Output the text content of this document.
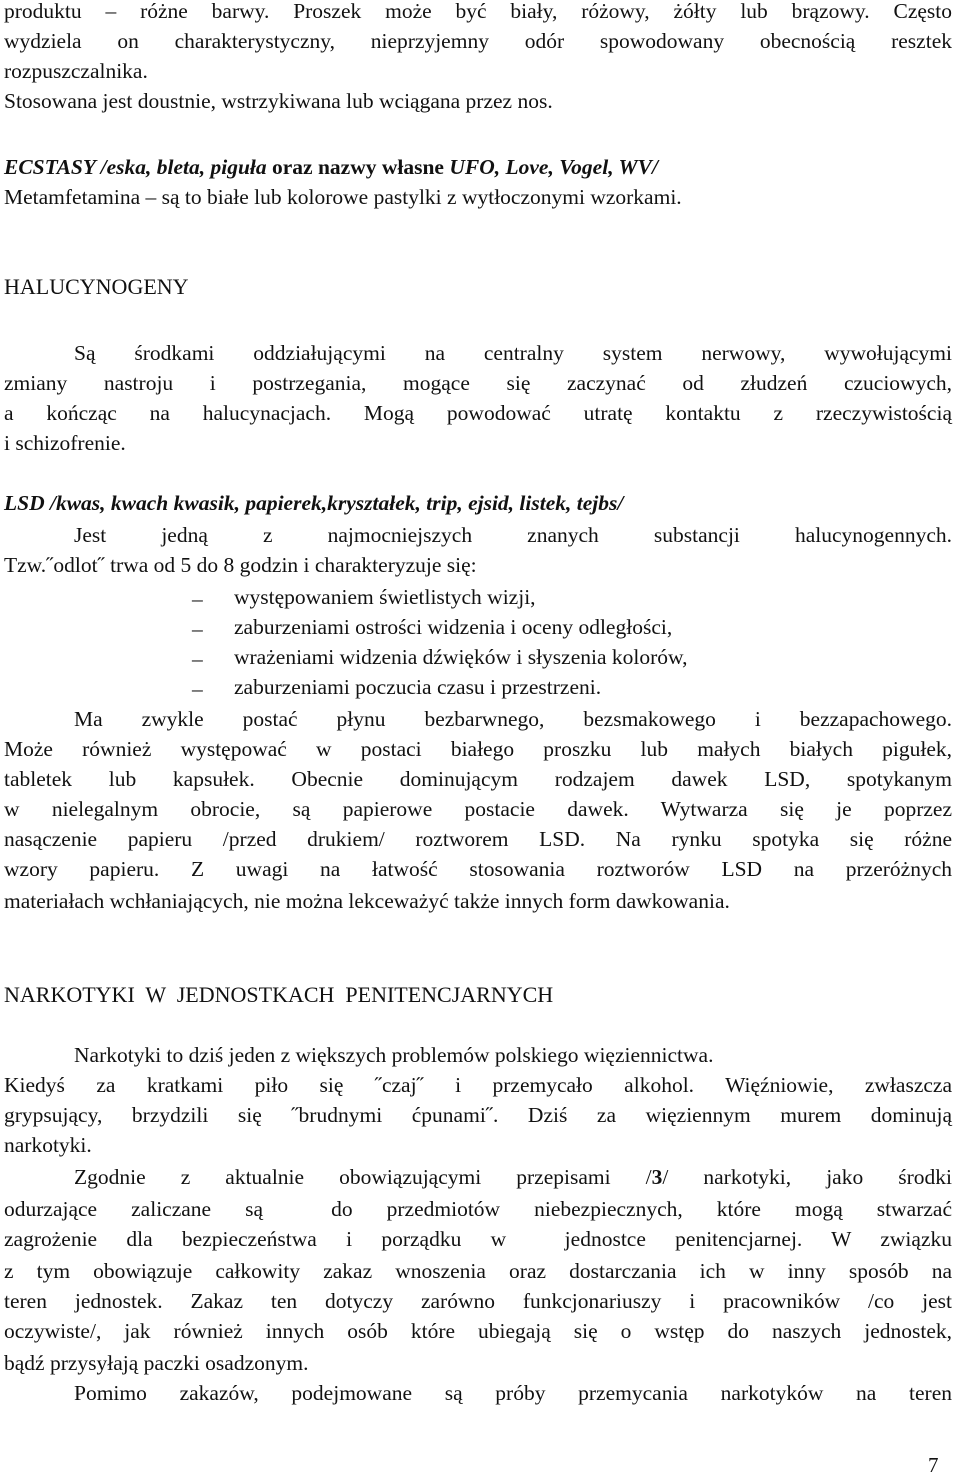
produktu – różne barwy. Proszek może być biały, różowy, żółty lub brązowy. Często
wydziela on charakterystyczny, nieprzyjemny odór spowodowany obecnością resztek
rozpuszczalnika.
Stosowana jest doustnie, wstrzykiwana lub wciągana przez nos.
ECSTASY /eska, bleta, piguła oraz nazwy własne UFO, Love, Vogel, WV/
Metamfetamina – są to białe lub kolorowe pastylki z wytłoczonymi wzorkami.
HALUCYNOGENY
Są środkami oddziałującymi na centralny system nerwowy, wywołującymi
zmiany nastroju i postrzegania, mogące się zaczynać od złudzeń czuciowych,
a kończąc na halucynacjach. Mogą powodować utratę kontaktu z rzeczywistością
i schizofrenie.
LSD /kwas, kwach kwasik, papierek,kryształek, trip, ejsid, listek, tejbs/
Jest jedną z najmocniejszych znanych substancji halucynogennych.
Tzw.˝odlot˝ trwa od 5 do 8 godzin i charakteryzuje się:
–	występowaniem świetlistych wizji,
–	zaburzeniami ostrości widzenia i oceny odległości,
–	wrażeniami widzenia dźwięków i słyszenia kolorów,
–	zaburzeniami poczucia czasu i przestrzeni.
Ma zwykle postać płynu bezbarwnego, bezsmakowego i bezzapachowego.
Może również występować w postaci białego proszku lub małych białych pigułek,
tabletek lub kapsułek. Obecnie dominującym rodzajem dawek LSD, spotykanym
w nielegalnym obrocie, są papierowe postacie dawek. Wytwarza się je poprzez
nasączenie papieru /przed drukiem/ roztworem LSD. Na rynku spotyka się różne
wzory papieru. Z uwagi na łatwość stosowania roztworów LSD na przeróżnych
materiałach wchłaniających, nie można lekceważyć także innych form dawkowania.
NARKOTYKI  W  JEDNOSTKACH  PENITENCJARNYCH
Narkotyki to dziś jeden z większych problemów polskiego więziennictwa.
Kiedyś za kratkami piło się ˝czaj˝ i przemycało alkohol. Więźniowie, zwłaszcza
grypsujący, brzydzili się ˝brudnymi ćpunami˝. Dziś za więziennym murem dominują
narkotyki.
Zgodnie z aktualnie obowiązującymi przepisami /3/ narkotyki, jako środki
odurzające zaliczane są  do przedmiotów niebezpiecznych, które mogą stwarzać
zagrożenie dla bezpieczeństwa i porządku w  jednostce penitencjarnej. W związku
z tym obowiązuje całkowity zakaz wnoszenia oraz dostarczania ich w inny sposób na
teren jednostek. Zakaz ten dotyczy zarówno funkcjonariuszy i pracowników /co jest
oczywiste/, jak również innych osób które ubiegają się o wstęp do naszych jednostek,
bądź przysyłają paczki osadzonym.
Pomimo zakazów, podejmowane są próby przemycania narkotyków na teren
7
